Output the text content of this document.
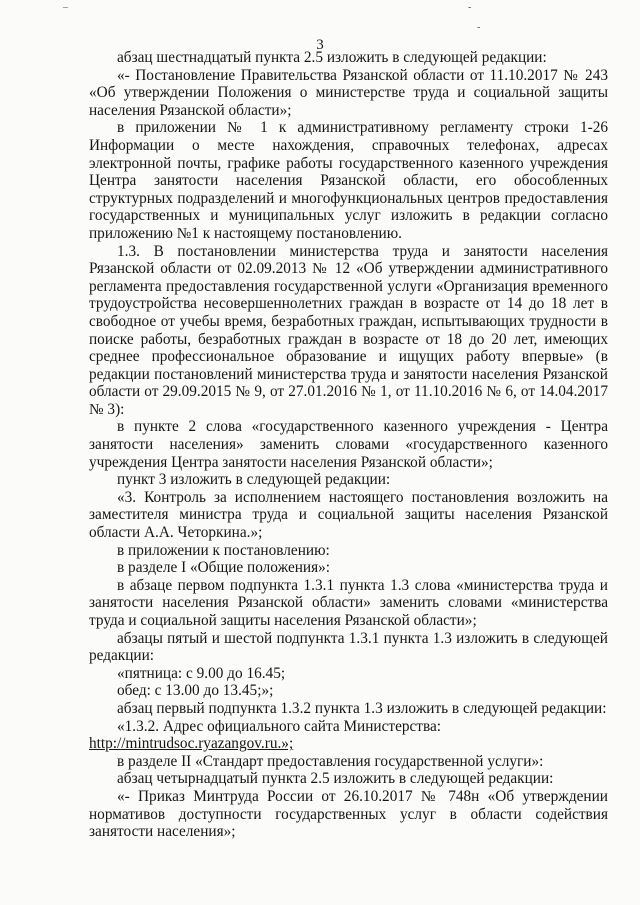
–	-
-
3

абзац шестнадцатый пункта 2.5 изложить в следующей редакции:

«- Постановление Правительства Рязанской области от 11.10.2017 № 243 «Об утверждении Положения о министерстве труда и социальной защиты населения Рязанской области»;

в приложении № 1 к административному регламенту строки 1-26 Информации о месте нахождения, справочных телефонах, адресах электронной почты, графике работы государственного казенного учреждения Центра занятости населения Рязанской области, его обособленных структурных подразделений и многофункциональных центров предоставления государственных и муниципальных услуг изложить в редакции согласно приложению №1 к настоящему постановлению.

1.3. В постановлении министерства труда и занятости населения Рязанской области от 02.09.2013 № 12 «Об утверждении административного регламента предоставления государственной услуги «Организация временного трудоустройства несовершеннолетних граждан в возрасте от 14 до 18 лет в свободное от учебы время, безработных граждан, испытывающих трудности в поиске работы, безработных граждан в возрасте от 18 до 20 лет, имеющих среднее профессиональное образование и ищущих работу впервые» (в редакции постановлений министерства труда и занятости населения Рязанской области от 29.09.2015 № 9, от 27.01.2016 № 1, от 11.10.2016 № 6, от 14.04.2017 № 3):

в пункте 2 слова «государственного казенного учреждения - Центра занятости населения» заменить словами «государственного казенного учреждения Центра занятости населения Рязанской области»;

пункт 3 изложить в следующей редакции:

«3. Контроль за исполнением настоящего постановления возложить на заместителя министра труда и социальной защиты населения Рязанской области А.А. Четоркина.»;

в приложении к постановлению:

в разделе I «Общие положения»:

в абзаце первом подпункта 1.3.1 пункта 1.3 слова «министерства труда и занятости населения Рязанской области» заменить словами «министерства труда и социальной защиты населения Рязанской области»;

абзацы пятый и шестой подпункта 1.3.1 пункта 1.3 изложить в следующей редакции:

«пятница: с 9.00 до 16.45;

обед: с 13.00 до 13.45;»;

абзац первый подпункта 1.3.2 пункта 1.3 изложить в следующей редакции:

«1.3.2. Адрес официального сайта Министерства:

http://mintrudsoc.ryazangov.ru.»;

в разделе II «Стандарт предоставления государственной услуги»:

абзац четырнадцатый пункта 2.5 изложить в следующей редакции:

«- Приказ Минтруда России от 26.10.2017 № 748н «Об утверждении нормативов доступности государственных услуг в области содействия занятости населения»;
